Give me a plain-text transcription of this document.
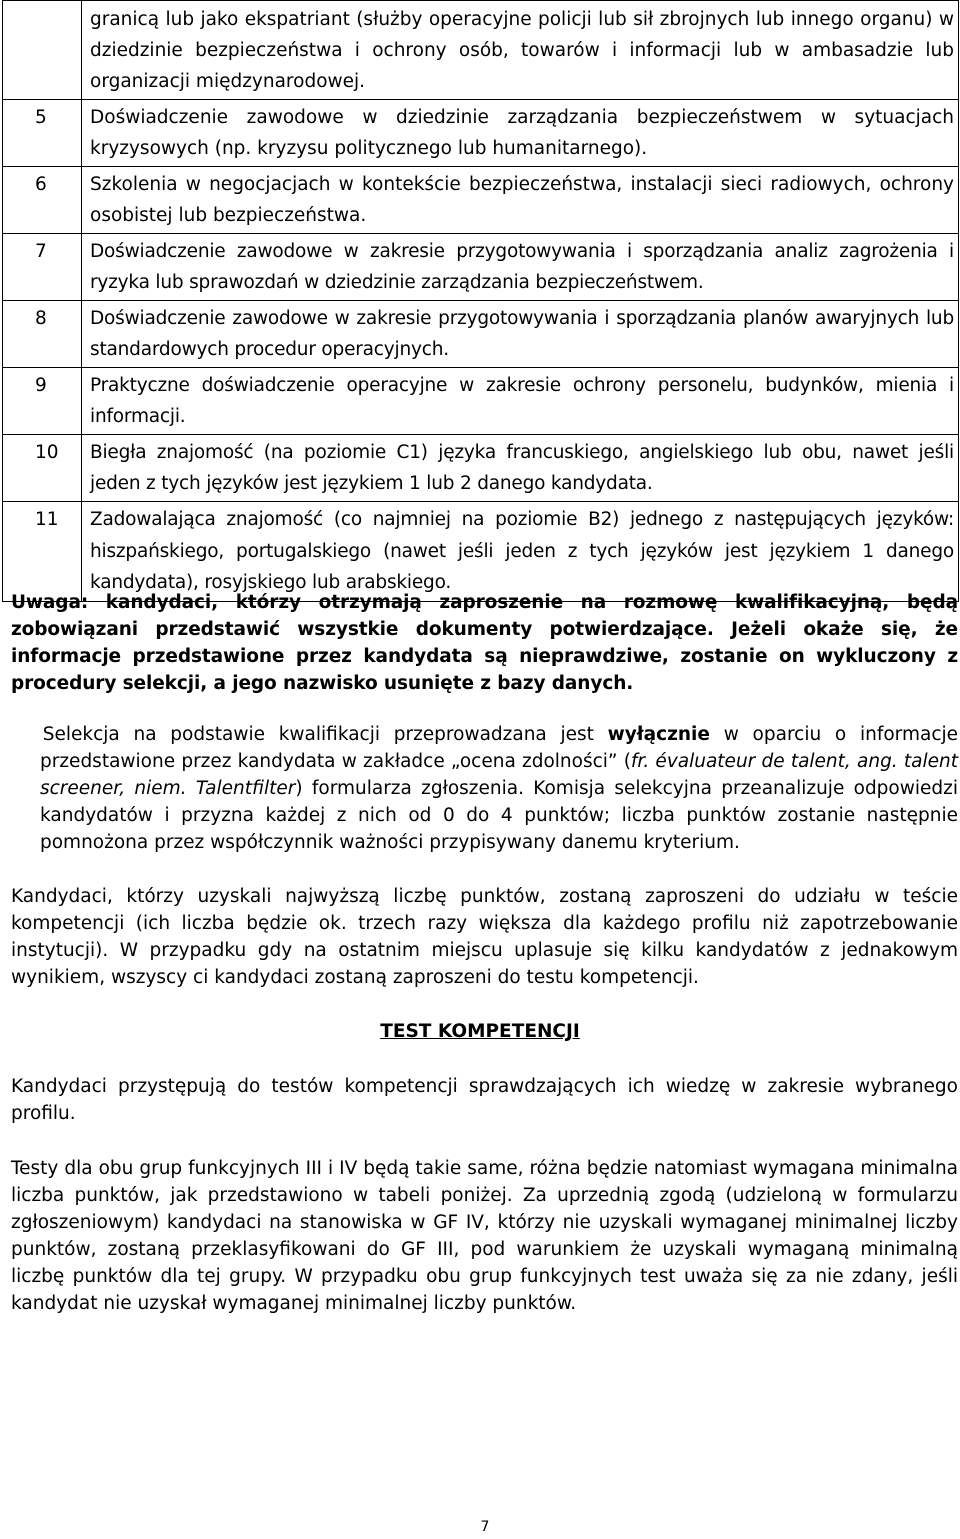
	granicą lub jako ekspatriant (służby operacyjne policji lub sił zbrojnych lub innego organu) w dziedzinie bezpieczeństwa i ochrony osób, towarów i informacji lub w ambasadzie lub organizacji międzynarodowej.
5	Doświadczenie zawodowe w dziedzinie zarządzania bezpieczeństwem w sytuacjach kryzysowych (np. kryzysu politycznego lub humanitarnego).
6	Szkolenia w negocjacjach w kontekście bezpieczeństwa, instalacji sieci radiowych, ochrony osobistej lub bezpieczeństwa.
7	Doświadczenie zawodowe w zakresie przygotowywania i sporządzania analiz zagrożenia i ryzyka lub sprawozdań w dziedzinie zarządzania bezpieczeństwem.
8	Doświadczenie zawodowe w zakresie przygotowywania i sporządzania planów awaryjnych lub standardowych procedur operacyjnych.
9	Praktyczne doświadczenie operacyjne w zakresie ochrony personelu, budynków, mienia i informacji.
10	Biegła znajomość (na poziomie C1) języka francuskiego, angielskiego lub obu, nawet jeśli jeden z tych języków jest językiem 1 lub 2 danego kandydata.
11	Zadowalająca znajomość (co najmniej na poziomie B2) jednego z następujących języków: hiszpańskiego, portugalskiego (nawet jeśli jeden z tych języków jest językiem 1 danego kandydata), rosyjskiego lub arabskiego.
Uwaga: kandydaci, którzy otrzymają zaproszenie na rozmowę kwalifikacyjną, będą zobowiązani przedstawić wszystkie dokumenty potwierdzające. Jeżeli okaże się, że informacje przedstawione przez kandydata są nieprawdziwe, zostanie on wykluczony z procedury selekcji, a jego nazwisko usunięte z bazy danych.
Selekcja na podstawie kwalifikacji przeprowadzana jest wyłącznie w oparciu o informacje przedstawione przez kandydata w zakładce „ocena zdolności” (fr. évaluateur de talent, ang. talent screener, niem. Talentfilter) formularza zgłoszenia. Komisja selekcyjna przeanalizuje odpowiedzi kandydatów i przyzna każdej z nich od 0 do 4 punktów; liczba punktów zostanie następnie pomnożona przez współczynnik ważności przypisywany danemu kryterium.
Kandydaci, którzy uzyskali najwyższą liczbę punktów, zostaną zaproszeni do udziału w teście kompetencji (ich liczba będzie ok. trzech razy większa dla każdego profilu niż zapotrzebowanie instytucji). W przypadku gdy na ostatnim miejscu uplasuje się kilku kandydatów z jednakowym wynikiem, wszyscy ci kandydaci zostaną zaproszeni do testu kompetencji.
TEST KOMPETENCJI
Kandydaci przystępują do testów kompetencji sprawdzających ich wiedzę w zakresie wybranego profilu.
Testy dla obu grup funkcyjnych III i IV będą takie same, różna będzie natomiast wymagana minimalna liczba punktów, jak przedstawiono w tabeli poniżej. Za uprzednią zgodą (udzieloną w formularzu zgłoszeniowym) kandydaci na stanowiska w GF IV, którzy nie uzyskali wymaganej minimalnej liczby punktów, zostaną przeklasyfikowani do GF III, pod warunkiem że uzyskali wymaganą minimalną liczbę punktów dla tej grupy. W przypadku obu grup funkcyjnych test uważa się za nie zdany, jeśli kandydat nie uzyskał wymaganej minimalnej liczby punktów.
7
